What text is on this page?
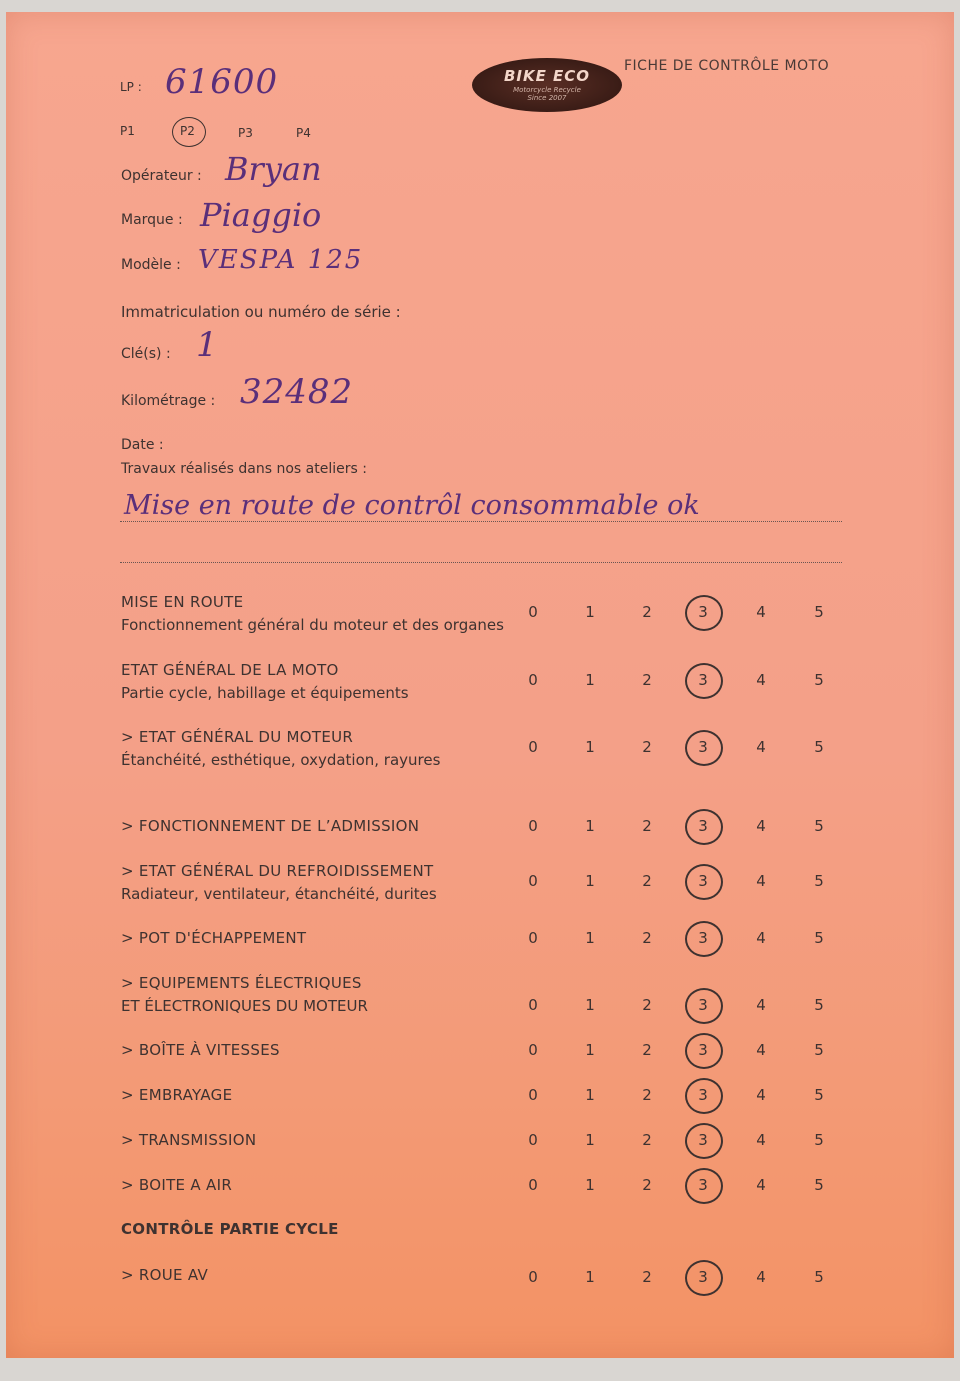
BIKE ECO
Motorcycle Recycle
Since 2007
FICHE DE CONTRÔLE MOTO
LP : 61600
P1	P2	P3	P4
Opérateur : Bryan
Marque : Piaggio
Modèle : VESPA 125
Immatriculation ou numéro de série :
Clé(s) : 1
Kilométrage : 32482
Date :
Travaux réalisés dans nos ateliers :
Mise en route de contrôl consommable ok
MISE EN ROUTE
Fonctionnement général du moteur et des organes
0	1	2	3	4	5
ETAT GÉNÉRAL DE LA MOTO
Partie cycle, habillage et équipements
0	1	2	3	4	5
> ETAT GÉNÉRAL DU MOTEUR
Étanchéité, esthétique, oxydation, rayures
0	1	2	3	4	5
> FONCTIONNEMENT DE L’ADMISSION	0	1	2	3	4	5
> ETAT GÉNÉRAL DU REFROIDISSEMENT
Radiateur, ventilateur, étanchéité, durites
0	1	2	3	4	5
> POT D'ÉCHAPPEMENT	0	1	2	3	4	5
> EQUIPEMENTS ÉLECTRIQUES
ET ÉLECTRONIQUES DU MOTEUR	0	1	2	3	4	5
> BOÎTE À VITESSES	0	1	2	3	4	5
> EMBRAYAGE	0	1	2	3	4	5
> TRANSMISSION	0	1	2	3	4	5
> BOITE A AIR	0	1	2	3	4	5
> ROUE AV	0	1	2	3	4	5
CONTRÔLE PARTIE CYCLE
